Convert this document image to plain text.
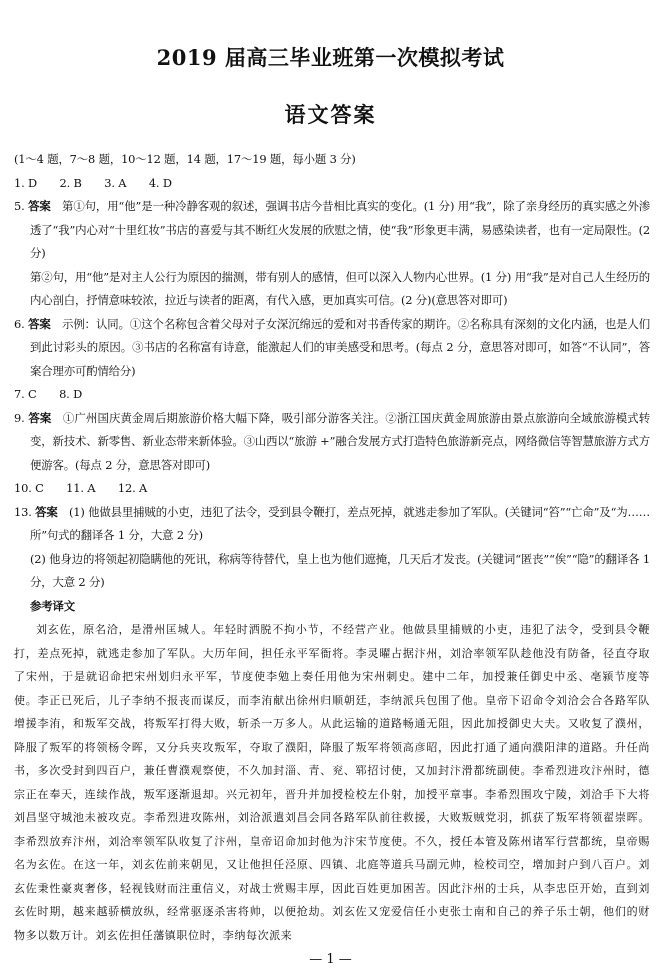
2019 届高三毕业班第一次模拟考试
语文答案

(1～4 题，7～8 题，10～12 题，14 题，17～19 题，每小题 3 分)

1. D　　2. B　　3. A　　4. D

5. 答案　 第①句，用“他”是一种冷静客观的叙述，强调书店今昔相比真实的变化。(1 分) 用“我”，除了亲身经历的真实感之外渗透了“我”内心对“十里红妆”书店的喜爱与其不断红火发展的欣慰之情，使“我”形象更丰满，易感染读者，也有一定局限性。(2 分)

第②句，用“他”是对主人公行为原因的揣测，带有别人的感情，但可以深入人物内心世界。(1 分) 用“我”是对自己人生经历的内心剖白，抒情意味较浓，拉近与读者的距离，有代入感，更加真实可信。(2 分)(意思答对即可)

6. 答案　 示例：认同。①这个名称包含着父母对子女深沉绵远的爱和对书香传家的期许。②名称具有深刻的文化内涵，也是人们到此讨彩头的原因。③书店的名称富有诗意，能激起人们的审美感受和思考。(每点 2 分，意思答对即可，如答“不认同”，答案合理亦可酌情给分)

7. C　　8. D

9. 答案　 ①广州国庆黄金周后期旅游价格大幅下降，吸引部分游客关注。②浙江国庆黄金周旅游由景点旅游向全域旅游模式转变，新技术、新零售、新业态带来新体验。③山西以“旅游 +”融合发展方式打造特色旅游新亮点，网络微信等智慧旅游方式方便游客。(每点 2 分，意思答对即可)

10. C　　11. A　　12. A

13. 答案　 (1) 他做县里捕贼的小吏，违犯了法令，受到县令鞭打，差点死掉，就逃走参加了军队。(关键词“笞”“亡命”及“为……所”句式的翻译各 1 分，大意 2 分)

(2) 他身边的将领起初隐瞒他的死讯，称病等待替代，皇上也为他们遮掩，几天后才发丧。(关键词“匿丧”“俟”“隐”的翻译各 1 分，大意 2 分)

参考译文

刘玄佐，原名洽，是滑州匡城人。年轻时洒脱不拘小节，不经营产业。他做县里捕贼的小吏，违犯了法令，受到县令鞭打，差点死掉，就逃走参加了军队。大历年间，担任永平军衙将。李灵曜占据汴州，刘洽率领军队趁他没有防备，径直夺取了宋州，于是就诏命把宋州划归永平军，节度使李勉上奏任用他为宋州刺史。建中二年，加授兼任御史中丞、亳颍节度等使。李正已死后，儿子李纳不报丧而谋反，而李洧献出徐州归顺朝廷，李纳派兵包围了他。皇帝下诏命令刘洽会合各路军队增援李洧，和叛军交战，将叛军打得大败，斩杀一万多人。从此运输的道路畅通无阻，因此加授御史大夫。又收复了濮州，降服了叛军的将领杨令晖，又分兵夹攻叛军，夺取了濮阳，降服了叛军将领高彦昭，因此打通了通向濮阳津的道路。升任尚书，多次受封到四百户，兼任曹濮观察使，不久加封淄、青、兖、郓招讨使，又加封汴滑都统副使。李希烈进攻汴州时，德宗正在奉天，连续作战，叛军逐渐退却。兴元初年，晋升并加授检校左仆射，加授平章事。李希烈围攻宁陵，刘洽手下大将刘昌坚守城池未被攻克。李希烈进攻陈州，刘洽派遣刘昌会同各路军队前往救援，大败叛贼党羽，抓获了叛军将领翟崇晖。李希烈放弃汴州，刘洽率领军队收复了汴州，皇帝诏命加封他为汴宋节度使。不久，授任本管及陈州诸军行营都统，皇帝赐名为玄佐。在这一年，刘玄佐前来朝见，又让他担任泾原、四镇、北庭等道兵马副元帅，检校司空，增加封户到八百户。刘玄佐秉性豪爽奢侈，轻视钱财而注重信义，对战士赏赐丰厚，因此百姓更加困苦。因此汴州的士兵，从李忠臣开始，直到刘玄佐时期，越来越骄横放纵，经常驱逐杀害将帅，以便抢劫。刘玄佐又宠爱信任小吏张士南和自己的养子乐士朝，他们的财物多以数万计。刘玄佐担任藩镇职位时，李纳每次派来

— 1 —
